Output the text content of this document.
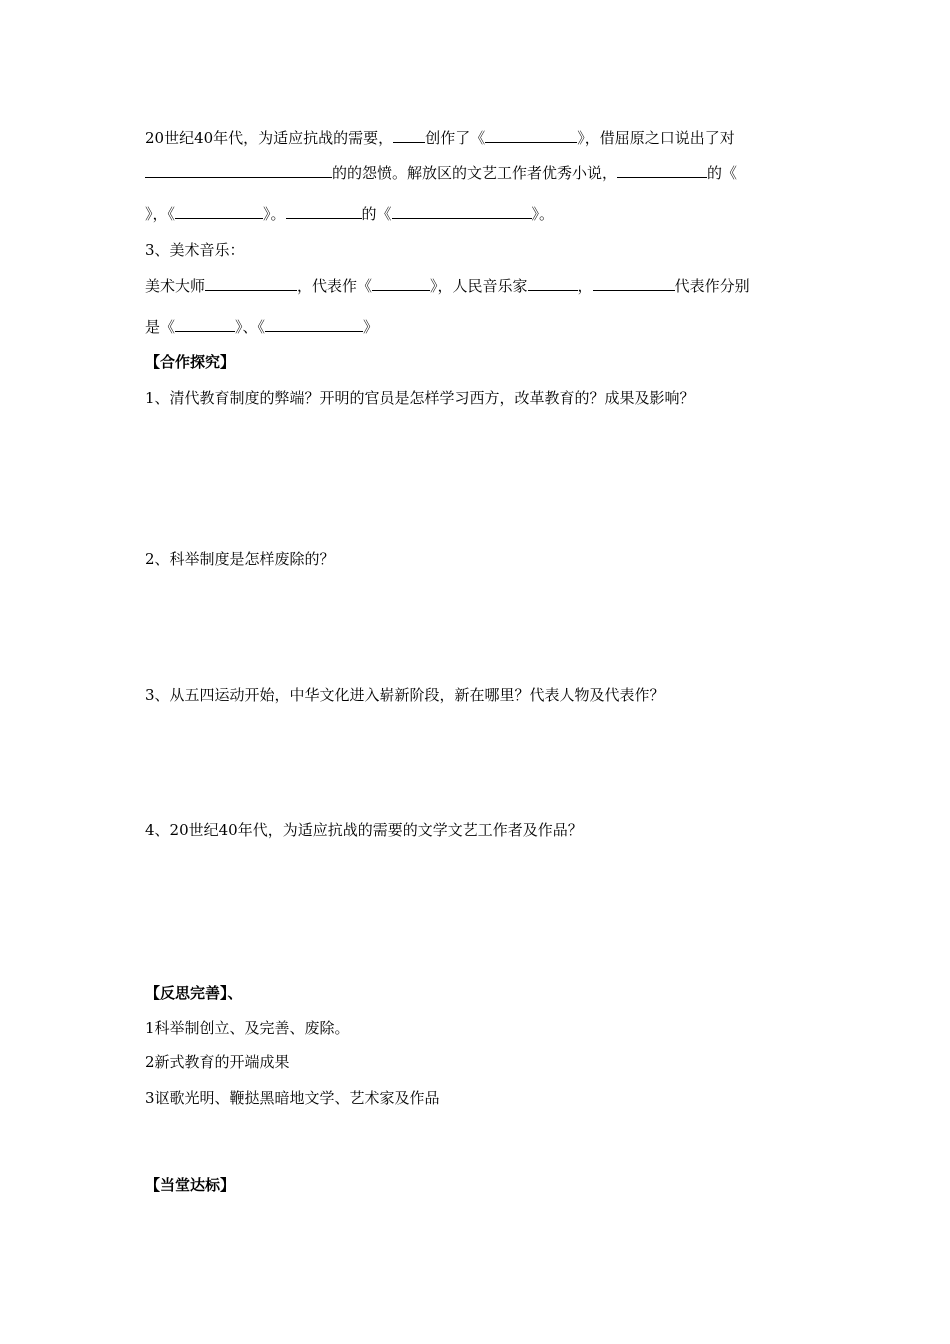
20世纪40年代，为适应抗战的需要， 创作了《	》，借屈原之口说出了对
的的怨愤。解放区的文艺工作者优秀小说，	的《
》，《	》。	的《	》。
3、美术音乐：
美术大师	，代表作《	》，人民音乐家	，	代表作分别
是《	》、《	》
【合作探究】
1、清代教育制度的弊端？开明的官员是怎样学习西方，改革教育的？成果及影响？
2、科举制度是怎样废除的？
3、从五四运动开始，中华文化进入崭新阶段，新在哪里？代表人物及代表作？
4、20世纪40年代，为适应抗战的需要的文学文艺工作者及作品？
【反思完善】、
1科举制创立、及完善、废除。
2新式教育的开端成果
3讴歌光明、鞭挞黑暗地文学、艺术家及作品
【当堂达标】
